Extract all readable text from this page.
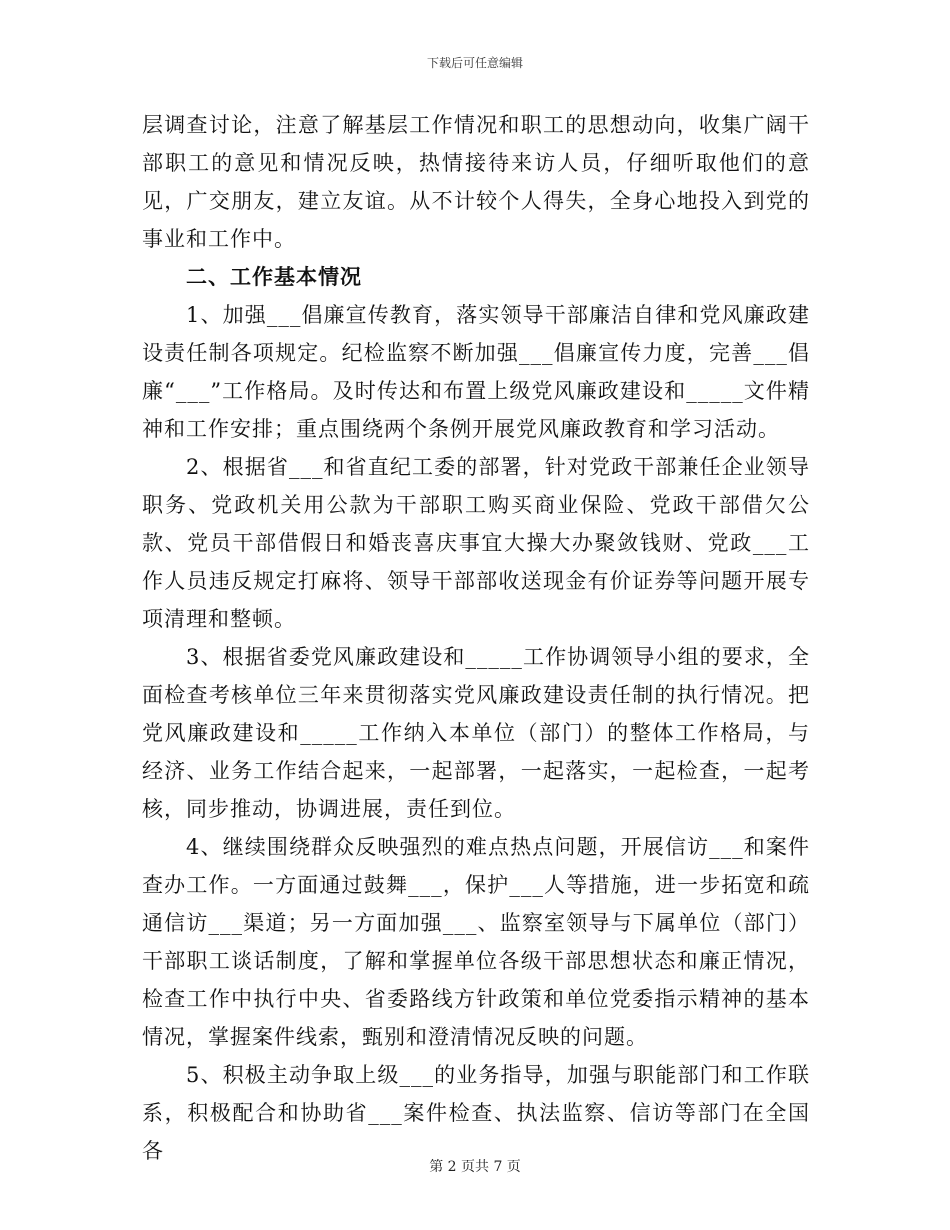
下载后可任意编辑

层调查讨论，注意了解基层工作情况和职工的思想动向，收集广阔干部职工的意见和情况反映，热情接待来访人员，仔细听取他们的意见，广交朋友，建立友谊。从不计较个人得失，全身心地投入到党的事业和工作中。

二、工作基本情况

1、加强___倡廉宣传教育，落实领导干部廉洁自律和党风廉政建设责任制各项规定。纪检监察不断加强___倡廉宣传力度，完善___倡廉“___”工作格局。及时传达和布置上级党风廉政建设和_____文件精神和工作安排；重点围绕两个条例开展党风廉政教育和学习活动。

2、根据省___和省直纪工委的部署，针对党政干部兼任企业领导职务、党政机关用公款为干部职工购买商业保险、党政干部借欠公款、党员干部借假日和婚丧喜庆事宜大操大办聚敛钱财、党政___工作人员违反规定打麻将、领导干部部收送现金有价证券等问题开展专项清理和整顿。

3、根据省委党风廉政建设和_____工作协调领导小组的要求，全面检查考核单位三年来贯彻落实党风廉政建设责任制的执行情况。把党风廉政建设和_____工作纳入本单位（部门）的整体工作格局，与经济、业务工作结合起来，一起部署，一起落实，一起检查，一起考核，同步推动，协调进展，责任到位。

4、继续围绕群众反映强烈的难点热点问题，开展信访___和案件查办工作。一方面通过鼓舞___，保护___人等措施，进一步拓宽和疏通信访___渠道；另一方面加强___、监察室领导与下属单位（部门）干部职工谈话制度，了解和掌握单位各级干部思想状态和廉正情况，检查工作中执行中央、省委路线方针政策和单位党委指示精神的基本情况，掌握案件线索，甄别和澄清情况反映的问题。

5、积极主动争取上级___的业务指导，加强与职能部门和工作联系，积极配合和协助省___案件检查、执法监察、信访等部门在全国各

第 2 页共 7 页
